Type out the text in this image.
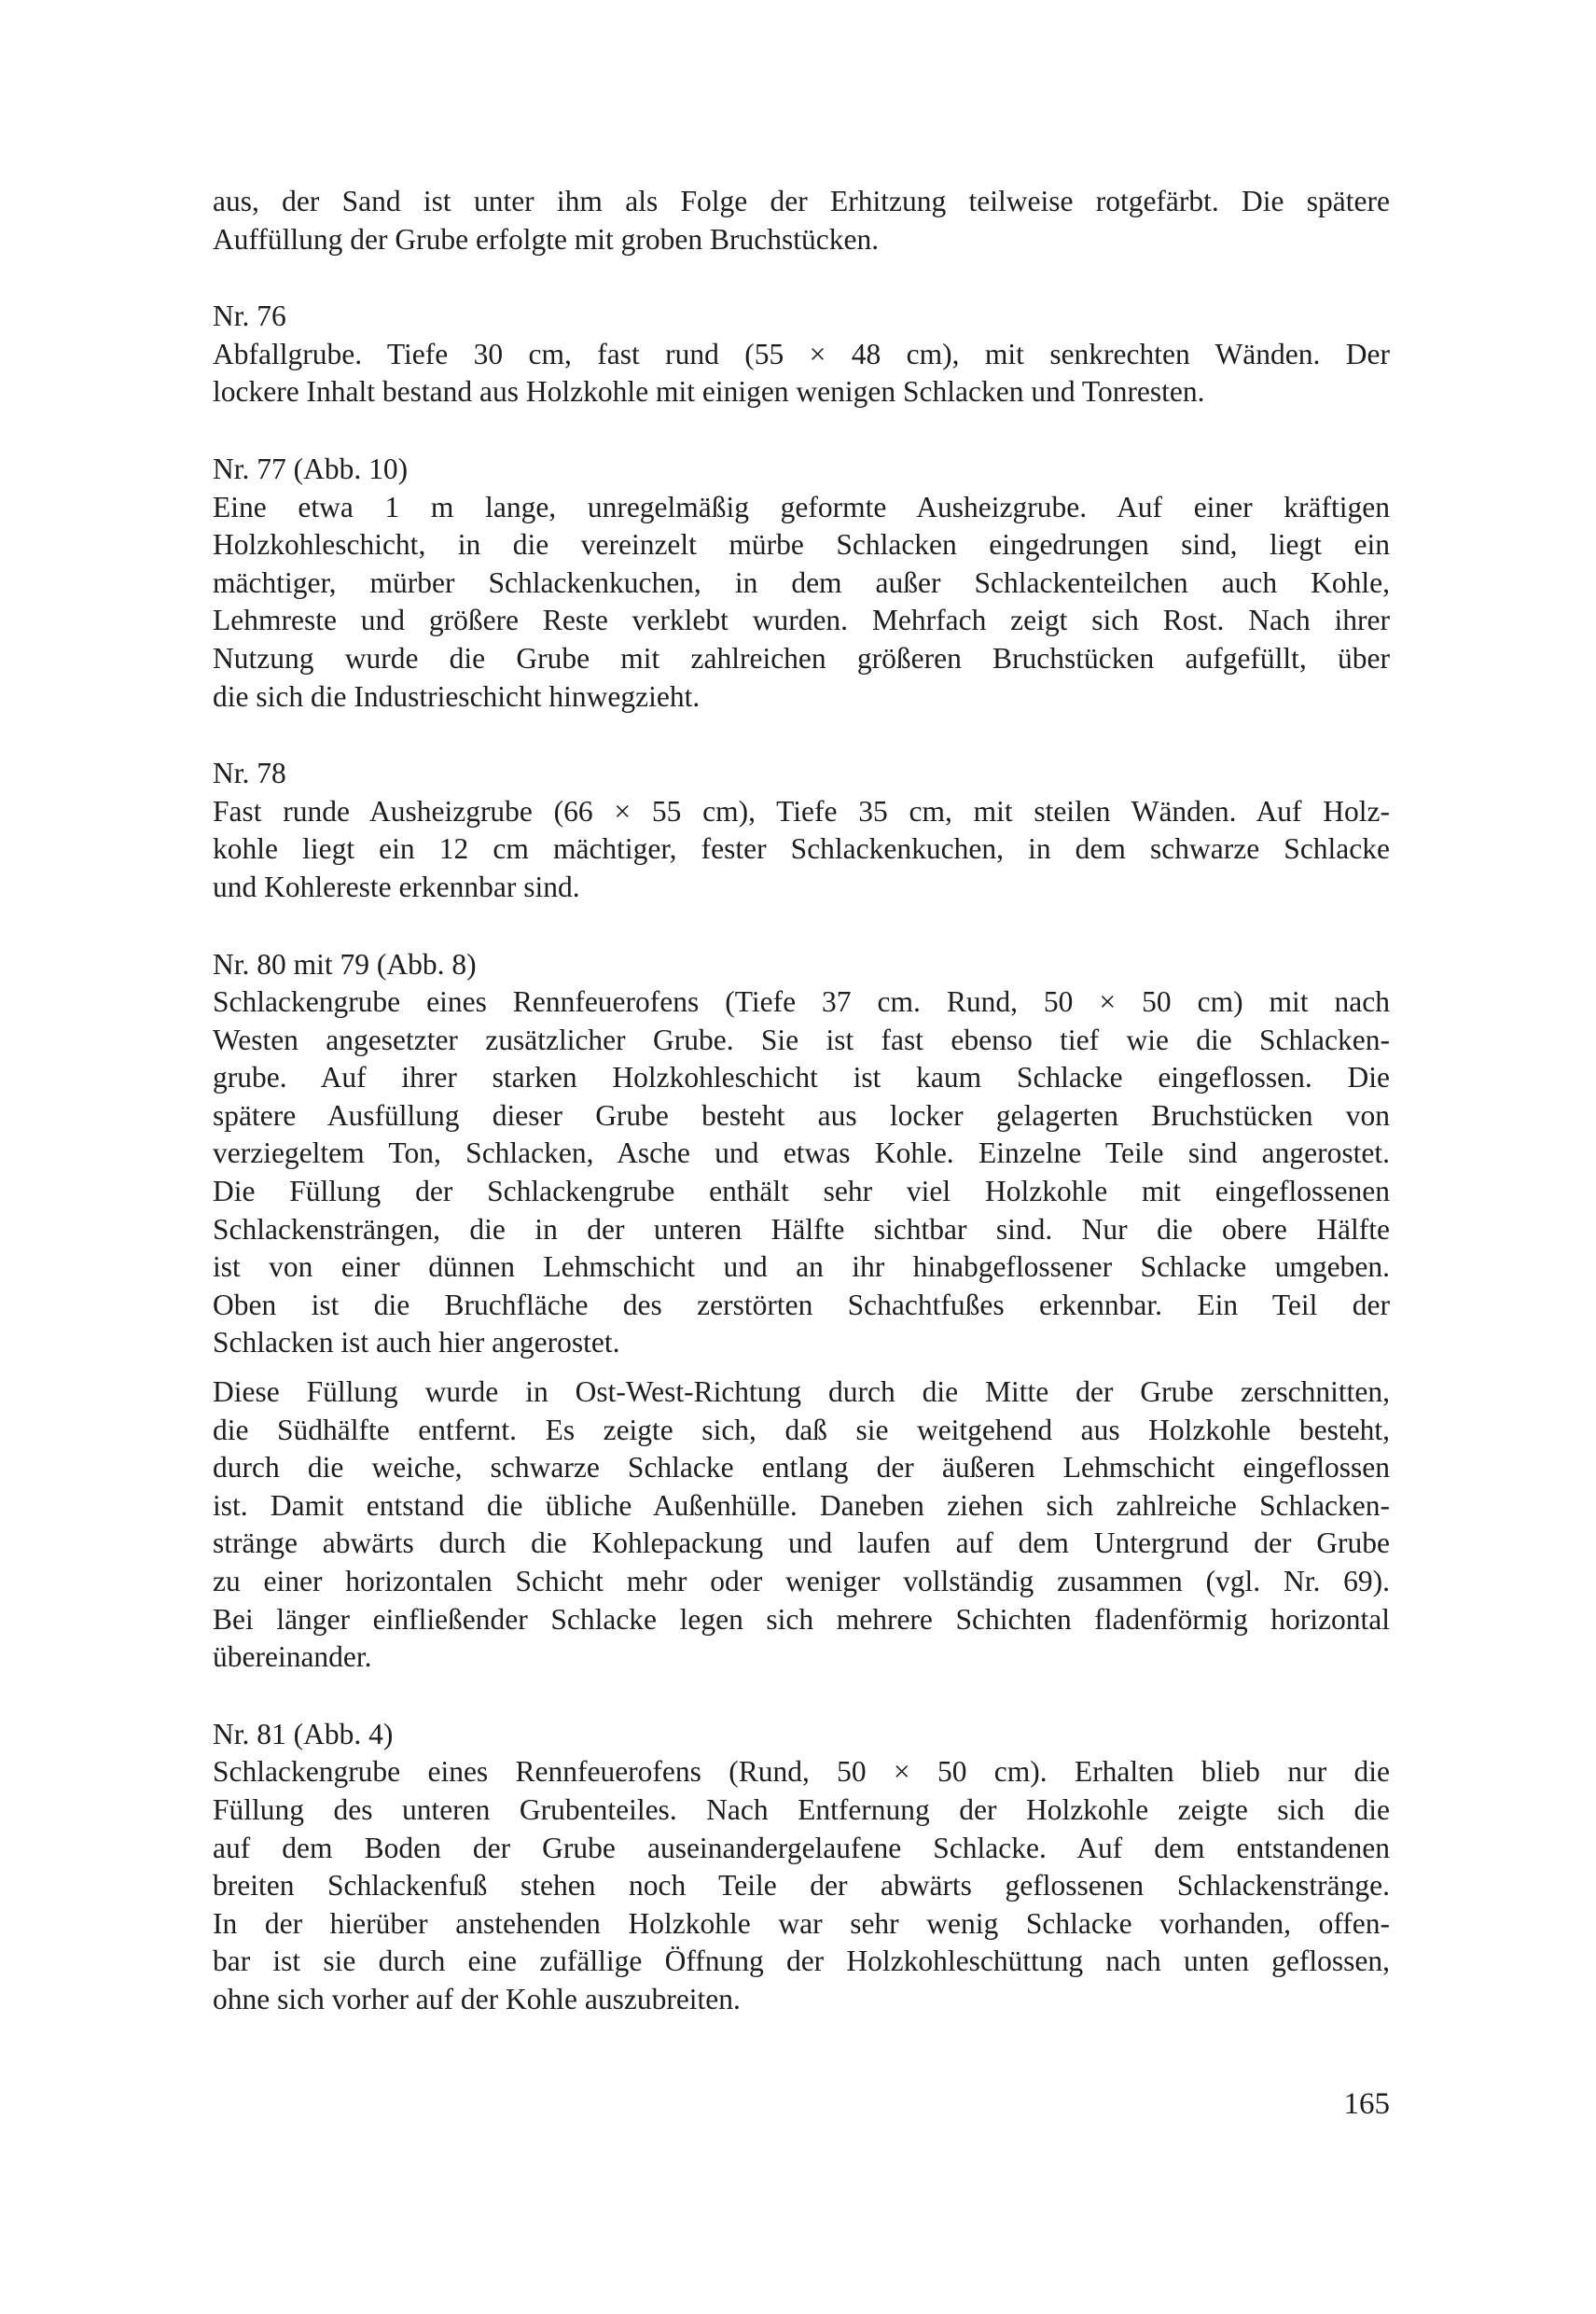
aus, der Sand ist unter ihm als Folge der Erhitzung teilweise rotgefärbt. Die spätere
Auffüllung der Grube erfolgte mit groben Bruchstücken.
Nr. 76
Abfallgrube. Tiefe 30 cm, fast rund (55 × 48 cm), mit senkrechten Wänden. Der
lockere Inhalt bestand aus Holzkohle mit einigen wenigen Schlacken und Tonresten.
Nr. 77 (Abb. 10)
Eine etwa 1 m lange, unregelmäßig geformte Ausheizgrube. Auf einer kräftigen
Holzkohleschicht, in die vereinzelt mürbe Schlacken eingedrungen sind, liegt ein
mächtiger, mürber Schlackenkuchen, in dem außer Schlackenteilchen auch Kohle,
Lehmreste und größere Reste verklebt wurden. Mehrfach zeigt sich Rost. Nach ihrer
Nutzung wurde die Grube mit zahlreichen größeren Bruchstücken aufgefüllt, über
die sich die Industrieschicht hinwegzieht.
Nr. 78
Fast runde Ausheizgrube (66 × 55 cm), Tiefe 35 cm, mit steilen Wänden. Auf Holz-
kohle liegt ein 12 cm mächtiger, fester Schlackenkuchen, in dem schwarze Schlacke
und Kohlereste erkennbar sind.
Nr. 80 mit 79 (Abb. 8)
Schlackengrube eines Rennfeuerofens (Tiefe 37 cm. Rund, 50 × 50 cm) mit nach
Westen angesetzter zusätzlicher Grube. Sie ist fast ebenso tief wie die Schlacken-
grube. Auf ihrer starken Holzkohleschicht ist kaum Schlacke eingeflossen. Die
spätere Ausfüllung dieser Grube besteht aus locker gelagerten Bruchstücken von
verziegeltem Ton, Schlacken, Asche und etwas Kohle. Einzelne Teile sind angerostet.
Die Füllung der Schlackengrube enthält sehr viel Holzkohle mit eingeflossenen
Schlackensträngen, die in der unteren Hälfte sichtbar sind. Nur die obere Hälfte
ist von einer dünnen Lehmschicht und an ihr hinabgeflossener Schlacke umgeben.
Oben ist die Bruchfläche des zerstörten Schachtfußes erkennbar. Ein Teil der
Schlacken ist auch hier angerostet.
Diese Füllung wurde in Ost-West-Richtung durch die Mitte der Grube zerschnitten,
die Südhälfte entfernt. Es zeigte sich, daß sie weitgehend aus Holzkohle besteht,
durch die weiche, schwarze Schlacke entlang der äußeren Lehmschicht eingeflossen
ist. Damit entstand die übliche Außenhülle. Daneben ziehen sich zahlreiche Schlacken-
stränge abwärts durch die Kohlepackung und laufen auf dem Untergrund der Grube
zu einer horizontalen Schicht mehr oder weniger vollständig zusammen (vgl. Nr. 69).
Bei länger einfließender Schlacke legen sich mehrere Schichten fladenförmig horizontal
übereinander.
Nr. 81 (Abb. 4)
Schlackengrube eines Rennfeuerofens (Rund, 50 × 50 cm). Erhalten blieb nur die
Füllung des unteren Grubenteiles. Nach Entfernung der Holzkohle zeigte sich die
auf dem Boden der Grube auseinandergelaufene Schlacke. Auf dem entstandenen
breiten Schlackenfuß stehen noch Teile der abwärts geflossenen Schlackenstränge.
In der hierüber anstehenden Holzkohle war sehr wenig Schlacke vorhanden, offen-
bar ist sie durch eine zufällige Öffnung der Holzkohleschüttung nach unten geflossen,
ohne sich vorher auf der Kohle auszubreiten.
165
